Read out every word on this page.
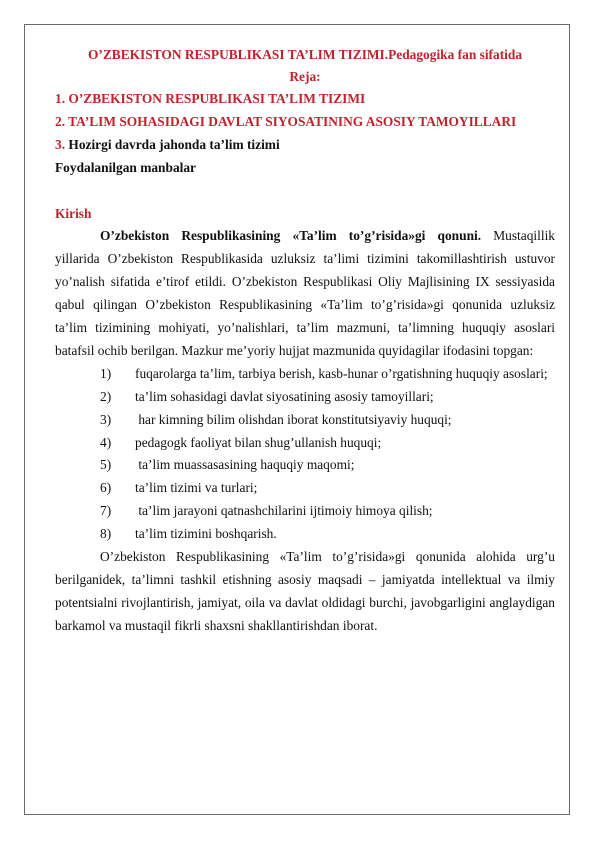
O’ZBEKISTON RESPUBLIKASI TA’LIM TIZIMI.Pedagogika fan sifatida
Reja:
1. O’ZBEKISTON RESPUBLIKASI TA’LIM TIZIMI
2. TA’LIM SOHASIDAGI DAVLAT SIYOSATINING ASOSIY TAMOYILLARI
3. Hozirgi davrda jahonda ta’lim tizimi
Foydalanilgan manbalar
Kirish

O’zbekiston Respublikasining «Ta’lim to’g’risida»gi qonuni. Mustaqillik yillarida O’zbekiston Respublikasida uzluksiz ta’limi tizimini takomillashtirish ustuvor yo’nalish sifatida e’tirof etildi. O’zbekiston Respublikasi Oliy Majlisining IX sessiyasida qabul qilingan O’zbekiston Respublikasining «Ta’lim to’g’risida»gi qonunida uzluksiz ta’lim tizimining mohiyati, yo’nalishlari, ta’lim mazmuni, ta’limning huquqiy asoslari batafsil ochib berilgan. Mazkur me’yoriy hujjat mazmunida quyidagilar ifodasini topgan:

1) fuqarolarga ta’lim, tarbiya berish, kasb-hunar o’rgatishning huquqiy asoslari;

2)	ta’lim sohasidagi davlat siyosatining asosiy tamoyillari;
3)	har kimning bilim olishdan iborat konstitutsiyaviy huquqi;
4)	pedagogk faoliyat bilan shug’ullanish huquqi;
5)	ta’lim muassasasining haquqiy maqomi;
6)	ta’lim tizimi va turlari;
7)	ta’lim jarayoni qatnashchilarini ijtimoiy himoya qilish;
8)	ta’lim tizimini boshqarish.

O’zbekiston Respublikasining «Ta’lim to’g’risida»gi qonunida alohida urg’u berilganidek, ta’limni tashkil etishning asosiy maqsadi – jamiyatda intellektual va ilmiy potentsialni rivojlantirish, jamiyat, oila va davlat oldidagi burchi, javobgarligini anglaydigan barkamol va mustaqil fikrli shaxsni shakllantirishdan iborat.
